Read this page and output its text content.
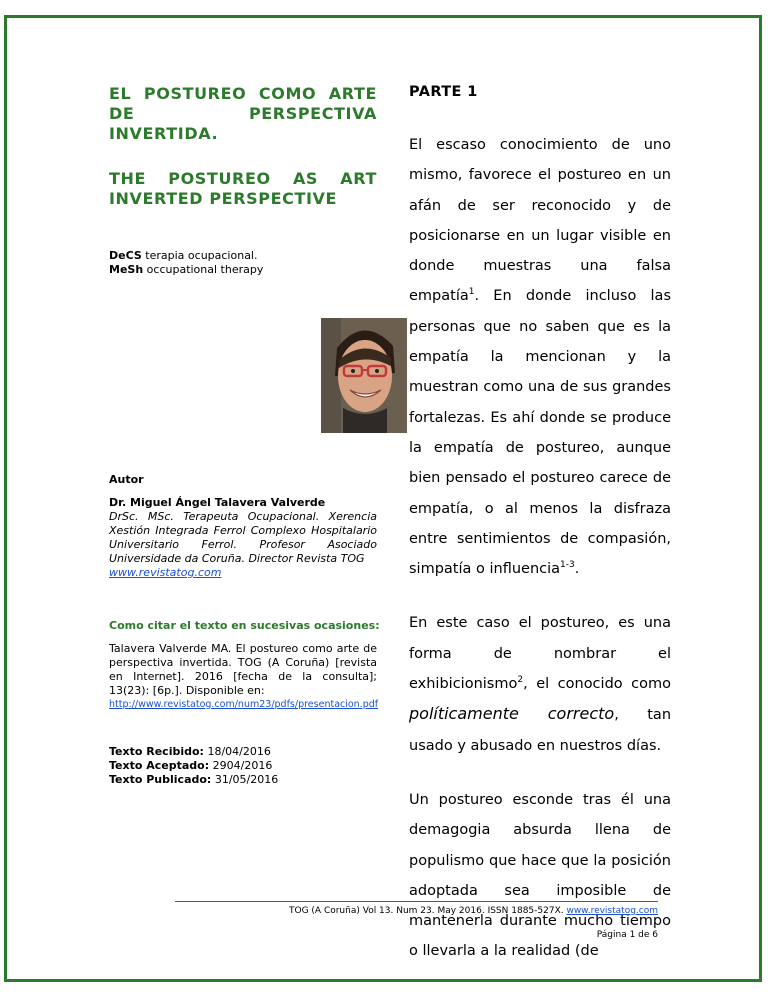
EL POSTUREO COMO ARTE DE PERSPECTIVA INVERTIDA.

THE POSTUREO AS ART INVERTED PERSPECTIVE

DeCS terapia ocupacional.
MeSh occupational therapy
Autor
Dr. Miguel Ángel Talavera Valverde
DrSc. MSc. Terapeuta Ocupacional. Xerencia Xestión Integrada Ferrol Complexo Hospitalario Universitario Ferrol. Profesor Asociado Universidade da Coruña. Director Revista TOG
www.revistatog.com
Como citar el texto en sucesivas ocasiones:
Talavera Valverde MA. El postureo como arte de perspectiva invertida. TOG (A Coruña) [revista en Internet]. 2016 [fecha de la consulta]; 13(23): [6p.]. Disponible en:
http://www.revistatog.com/num23/pdfs/presentacion.pdf
Texto Recibido: 18/04/2016
Texto Aceptado: 2904/2016
Texto Publicado: 31/05/2016
PARTE 1

El escaso conocimiento de uno mismo, favorece el postureo en un afán de ser reconocido y de posicionarse en un lugar visible en donde muestras una falsa empatía$^1$. En donde incluso las personas que no saben que es la empatía la mencionan y la muestran como una de sus grandes fortalezas. Es ahí donde se produce la empatía de postureo, aunque bien pensado el postureo carece de empatía, o al menos la disfraza entre sentimientos de compasión, simpatía o influencia$^{1-3}$.

En este caso el postureo, es una forma de nombrar el exhibicionismo$^2$, el conocido como políticamente correcto, tan usado y abusado en nuestros días.

Un postureo esconde tras él una demagogia absurda llena de populismo que hace que la posición adoptada sea imposible de mantenerla durante mucho tiempo o llevarla a la realidad (de

TOG (A Coruña) Vol 13. Num 23. May 2016. ISSN 1885-527X. www.revistatog.com
Página 1 de 6
